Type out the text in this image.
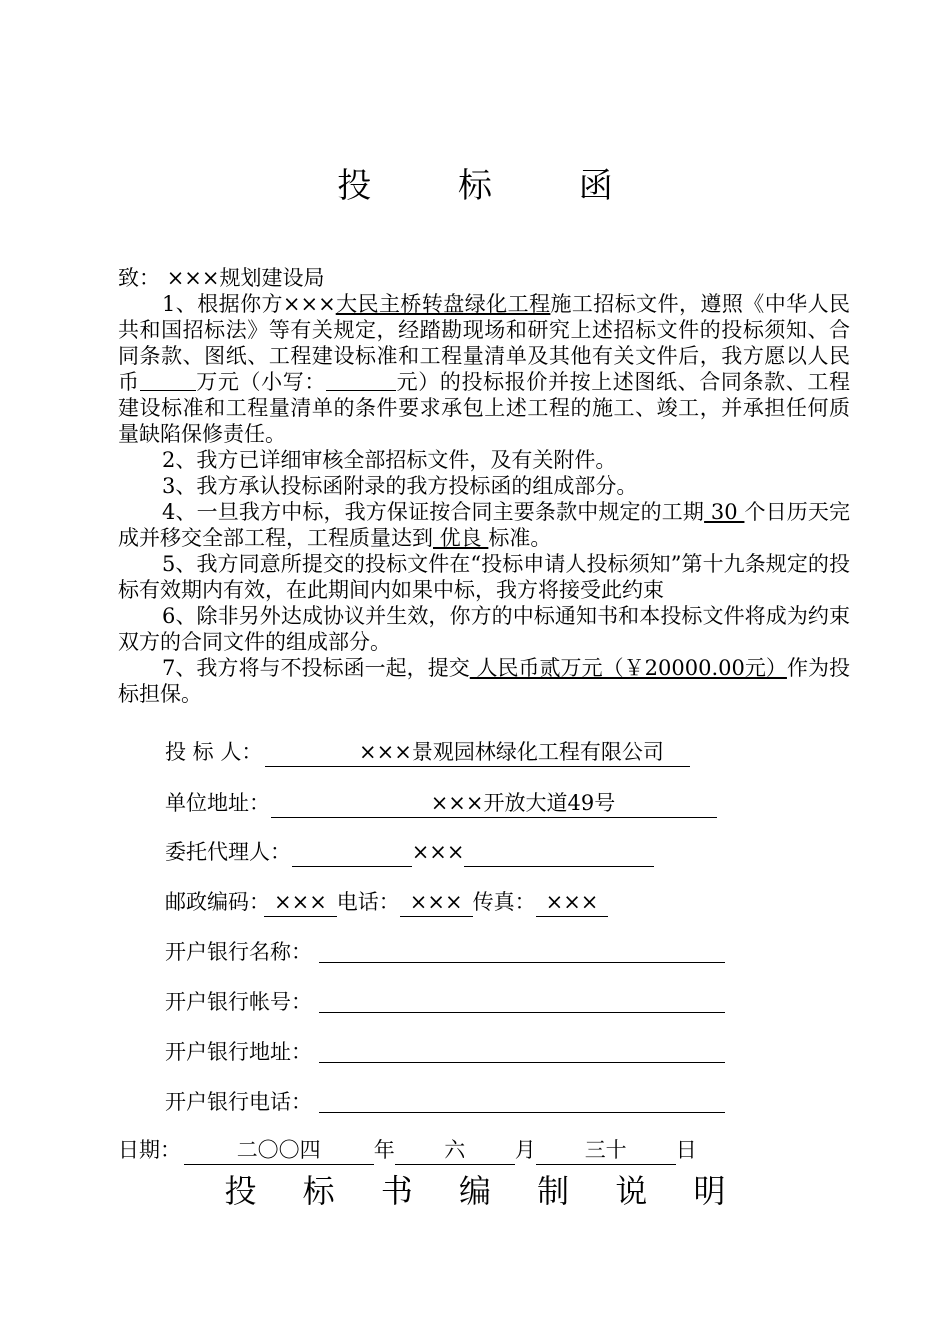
投 标 函

致： ×××规划建设局

1、根据你方×××大民主桥转盘绿化工程施工招标文件，遵照《中华人民共和国招标法》等有关规定，经踏勘现场和研究上述招标文件的投标须知、合同条款、图纸、工程建设标准和工程量清单及其他有关文件后，我方愿以人民币	万元（小写：	元）的投标报价并按上述图纸、合同条款、工程建设标准和工程量清单的条件要求承包上述工程的施工、竣工，并承担任何质量缺陷保修责任。

2、我方已详细审核全部招标文件，及有关附件。

3、我方承认投标函附录的我方投标函的组成部分。

4、一旦我方中标，我方保证按合同主要条款中规定的工期 30 个日历天完成并移交全部工程，工程质量达到 优良 标准。

5、我方同意所提交的投标文件在“投标申请人投标须知”第十九条规定的投标有效期内有效，在此期间内如果中标，我方将接受此约束

6、除非另外达成协议并生效，你方的中标通知书和本投标文件将成为约束双方的合同文件的组成部分。

7、我方将与不投标函一起，提交 人民币贰万元（￥20000.00元）作为投标担保。

投 标 人：	×××景观园林绿化工程有限公司
单位地址：	×××开放大道49号
委托代理人：	×××
邮政编码： ××× 电话： ××× 传真： ×××
开户银行名称：
开户银行帐号：
开户银行地址：
开户银行电话：
日期：	二〇〇四	年 六 月 三十 日
投 标 书 编 制 说 明
